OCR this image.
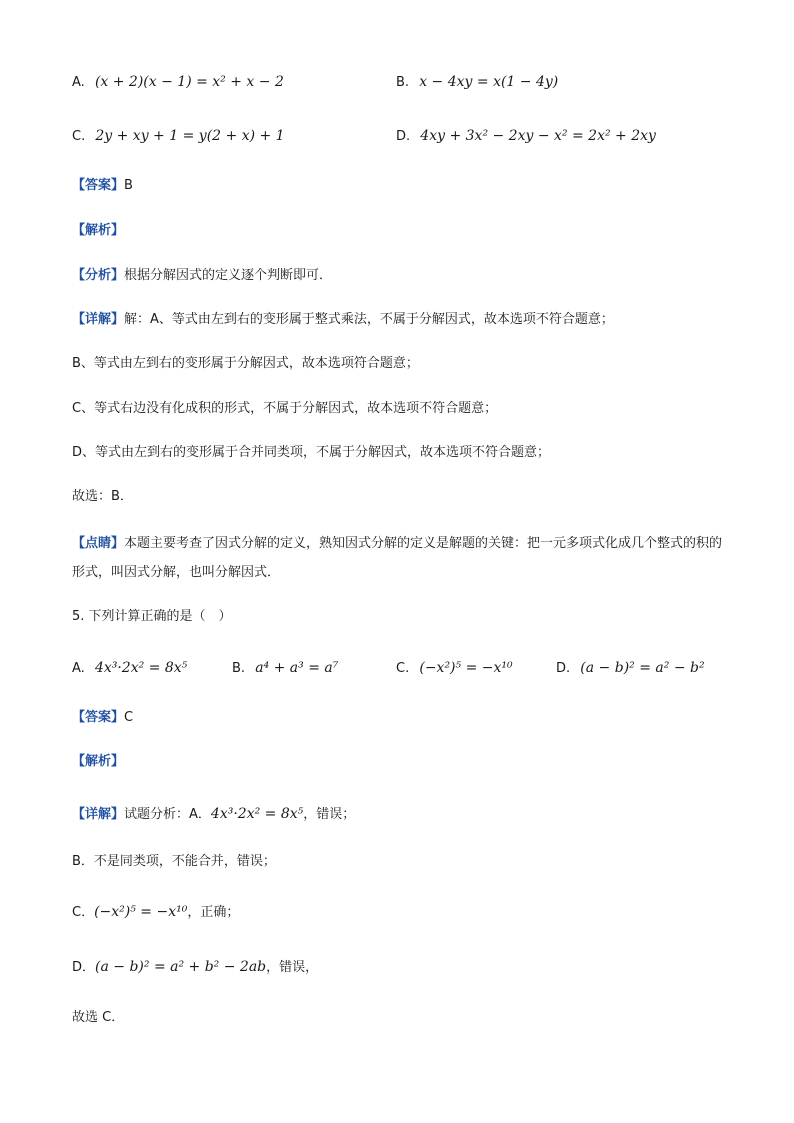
A. (x + 2)(x − 1) = x² + x − 2	B. x − 4xy = x(1 − 4y)
C. 2y + xy + 1 = y(2 + x) + 1	D. 4xy + 3x² − 2xy − x² = 2x² + 2xy
【答案】B
【解析】
【分析】根据分解因式的定义逐个判断即可．
【详解】解：A、等式由左到右的变形属于整式乘法，不属于分解因式，故本选项不符合题意；
B、等式由左到右的变形属于分解因式，故本选项符合题意；
C、等式右边没有化成积的形式，不属于分解因式，故本选项不符合题意；
D、等式由左到右的变形属于合并同类项，不属于分解因式，故本选项不符合题意；
故选：B．
【点睛】本题主要考查了因式分解的定义，熟知因式分解的定义是解题的关键：把一元多项式化成几个整式的积的形式，叫因式分解，也叫分解因式．
5. 下列计算正确的是（　）
A. 4x³·2x² = 8x⁵	B. a⁴ + a³ = a⁷	C. (−x²)⁵ = −x¹⁰	D. (a − b)² = a² − b²
【答案】C
【解析】
【详解】试题分析：A．4x³·2x² = 8x⁵，错误；
B．不是同类项，不能合并，错误；
C．(−x²)⁵ = −x¹⁰，正确；
D．(a − b)² = a² + b² − 2ab，错误，
故选 C．
